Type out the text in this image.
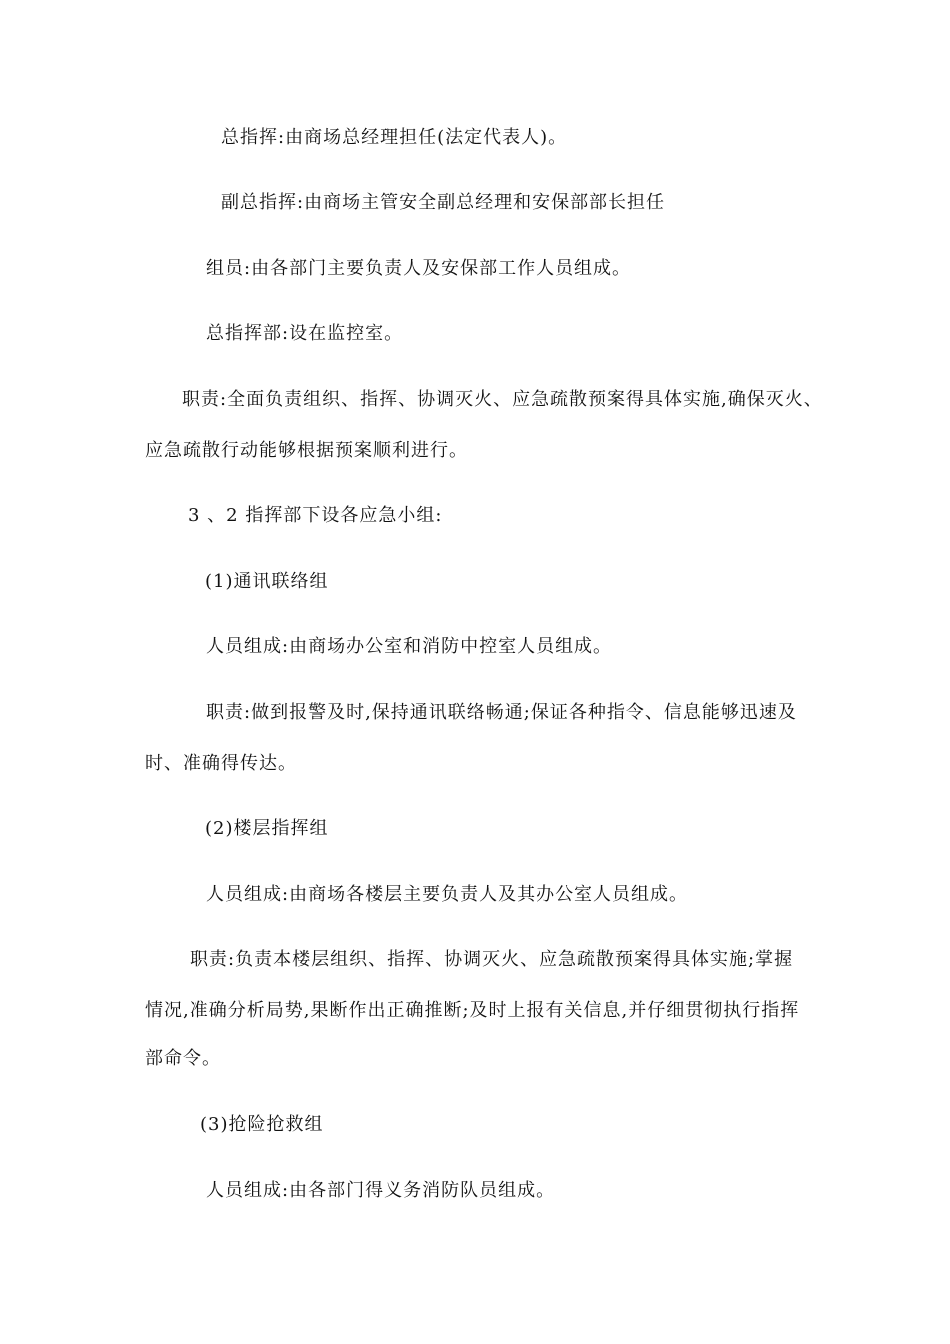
总指挥:由商场总经理担任(法定代表人)。
副总指挥:由商场主管安全副总经理和安保部部长担任
组员:由各部门主要负责人及安保部工作人员组成。
总指挥部:设在监控室。
职责:全面负责组织、指挥、协调灭火、应急疏散预案得具体实施,确保灭火、
应急疏散行动能够根据预案顺利进行。
3 、2 指挥部下设各应急小组:
(1)通讯联络组
人员组成:由商场办公室和消防中控室人员组成。
职责:做到报警及时,保持通讯联络畅通;保证各种指令、信息能够迅速及
时、准确得传达。
(2)楼层指挥组
人员组成:由商场各楼层主要负责人及其办公室人员组成。
职责:负责本楼层组织、指挥、协调灭火、应急疏散预案得具体实施;掌握
情况,准确分析局势,果断作出正确推断;及时上报有关信息,并仔细贯彻执行指挥
部命令。
(3)抢险抢救组
人员组成:由各部门得义务消防队员组成。
